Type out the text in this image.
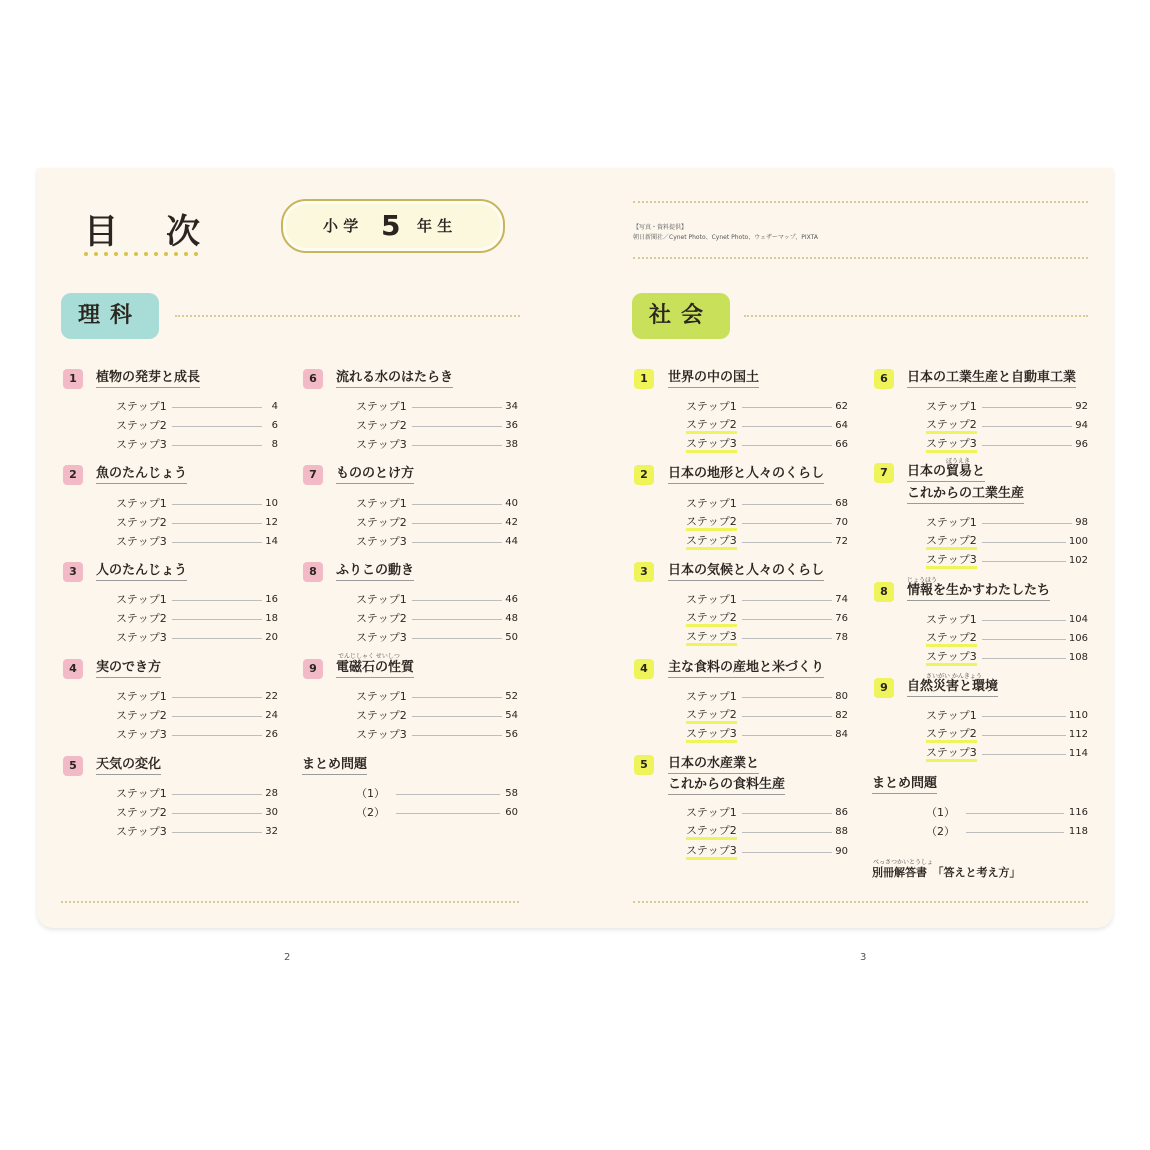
目 次	小 学 5 年 生	【写真・資料提供】
朝日新聞社／Cynet Photo、Cynet Photo、ウェザーマップ、PIXTA
理科	社会
1	植物の発芽と成長
ステップ1	4
ステップ2	6
ステップ3	8
2	魚のたんじょう
ステップ1	10
ステップ2	12
ステップ3	14
3	人のたんじょう
ステップ1	16
ステップ2	18
ステップ3	20
4	実のでき方
ステップ1	22
ステップ2	24
ステップ3	26
5	天気の変化
ステップ1	28
ステップ2	30
ステップ3	32
6	流れる水のはたらき
ステップ1	34
ステップ2	36
ステップ3	38
7	もののとけ方
ステップ1	40
ステップ2	42
ステップ3	44
8	ふりこの動き
ステップ1	46
ステップ2	48
ステップ3	50
でんじしゃく せいしつ
9	電磁石の性質
ステップ1	52
ステップ2	54
ステップ3	56
まとめ問題
（1）	58
（2）	60
2
1	世界の中の国土
ステップ1	62
ステップ2	64
ステップ3	66
2	日本の地形と人々のくらし
ステップ1	68
ステップ2	70
ステップ3	72
3	日本の気候と人々のくらし
ステップ1	74
ステップ2	76
ステップ3	78
4	主な食料の産地と米づくり
ステップ1	80
ステップ2	82
ステップ3	84
5	日本の水産業と
これからの食料生産
ステップ1	86
ステップ2	88
ステップ3	90
6	日本の工業生産と自動車工業
ステップ1	92
ステップ2	94
ステップ3	96
ぼうえき
7	日本の貿易と
これからの工業生産
ステップ1	98
ステップ2	100
ステップ3	102
じょうほう
8	情報を生かすわたしたち
ステップ1	104
ステップ2	106
ステップ3	108
さいがい かんきょう
9	自然災害と環境
ステップ1	110
ステップ2	112
ステップ3	114
まとめ問題
（1）	116
（2）	118
べっさつかいとうしょ
別冊解答書　「答えと考え方」
3
